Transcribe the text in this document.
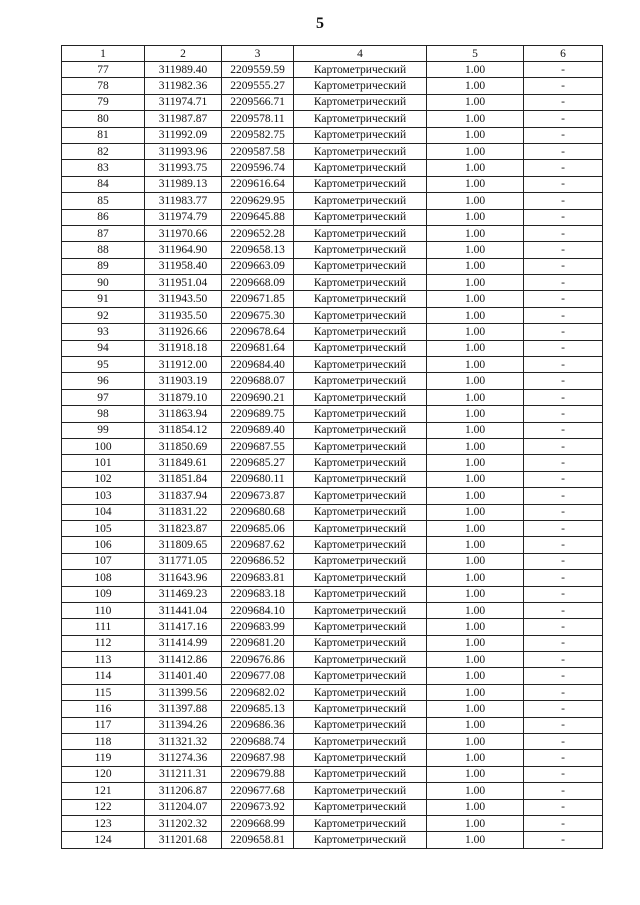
5
1	2	3	4	5	6
77	311989.40	2209559.59	Картометрический	1.00	-
78	311982.36	2209555.27	Картометрический	1.00	-
79	311974.71	2209566.71	Картометрический	1.00	-
80	311987.87	2209578.11	Картометрический	1.00	-
81	311992.09	2209582.75	Картометрический	1.00	-
82	311993.96	2209587.58	Картометрический	1.00	-
83	311993.75	2209596.74	Картометрический	1.00	-
84	311989.13	2209616.64	Картометрический	1.00	-
85	311983.77	2209629.95	Картометрический	1.00	-
86	311974.79	2209645.88	Картометрический	1.00	-
87	311970.66	2209652.28	Картометрический	1.00	-
88	311964.90	2209658.13	Картометрический	1.00	-
89	311958.40	2209663.09	Картометрический	1.00	-
90	311951.04	2209668.09	Картометрический	1.00	-
91	311943.50	2209671.85	Картометрический	1.00	-
92	311935.50	2209675.30	Картометрический	1.00	-
93	311926.66	2209678.64	Картометрический	1.00	-
94	311918.18	2209681.64	Картометрический	1.00	-
95	311912.00	2209684.40	Картометрический	1.00	-
96	311903.19	2209688.07	Картометрический	1.00	-
97	311879.10	2209690.21	Картометрический	1.00	-
98	311863.94	2209689.75	Картометрический	1.00	-
99	311854.12	2209689.40	Картометрический	1.00	-
100	311850.69	2209687.55	Картометрический	1.00	-
101	311849.61	2209685.27	Картометрический	1.00	-
102	311851.84	2209680.11	Картометрический	1.00	-
103	311837.94	2209673.87	Картометрический	1.00	-
104	311831.22	2209680.68	Картометрический	1.00	-
105	311823.87	2209685.06	Картометрический	1.00	-
106	311809.65	2209687.62	Картометрический	1.00	-
107	311771.05	2209686.52	Картометрический	1.00	-
108	311643.96	2209683.81	Картометрический	1.00	-
109	311469.23	2209683.18	Картометрический	1.00	-
110	311441.04	2209684.10	Картометрический	1.00	-
111	311417.16	2209683.99	Картометрический	1.00	-
112	311414.99	2209681.20	Картометрический	1.00	-
113	311412.86	2209676.86	Картометрический	1.00	-
114	311401.40	2209677.08	Картометрический	1.00	-
115	311399.56	2209682.02	Картометрический	1.00	-
116	311397.88	2209685.13	Картометрический	1.00	-
117	311394.26	2209686.36	Картометрический	1.00	-
118	311321.32	2209688.74	Картометрический	1.00	-
119	311274.36	2209687.98	Картометрический	1.00	-
120	311211.31	2209679.88	Картометрический	1.00	-
121	311206.87	2209677.68	Картометрический	1.00	-
122	311204.07	2209673.92	Картометрический	1.00	-
123	311202.32	2209668.99	Картометрический	1.00	-
124	311201.68	2209658.81	Картометрический	1.00	-
